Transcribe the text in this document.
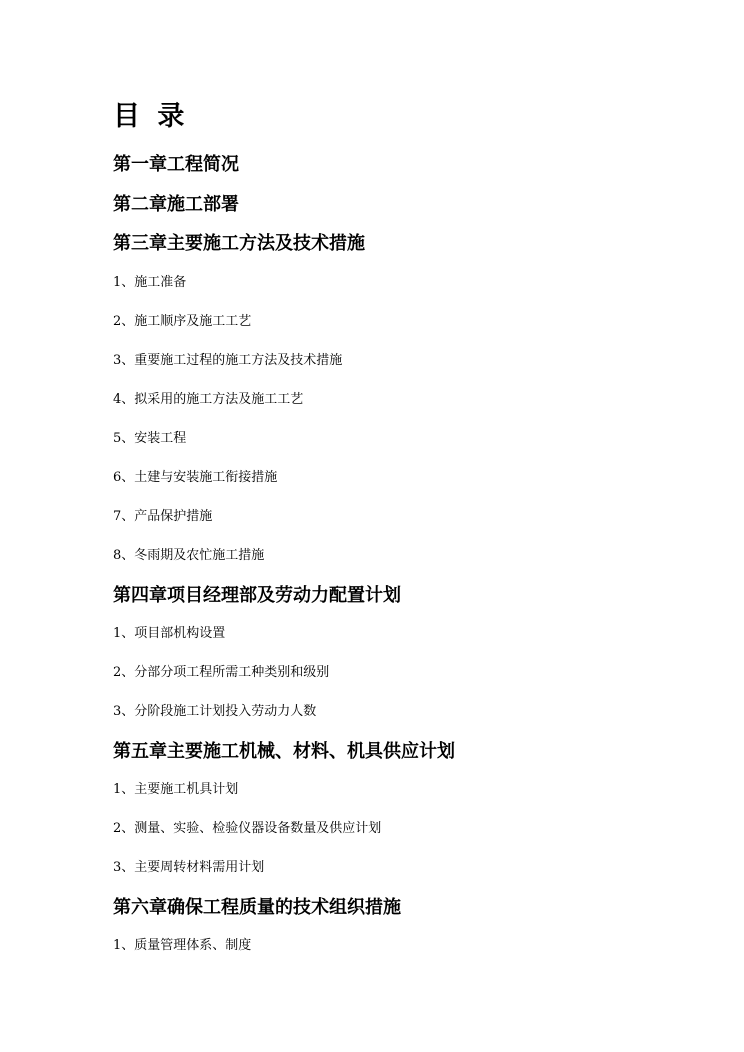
目 录
第一章工程简况
第二章施工部署
第三章主要施工方法及技术措施
1、施工准备
2、施工顺序及施工工艺
3、重要施工过程的施工方法及技术措施
4、拟采用的施工方法及施工工艺
5、安装工程
6、土建与安装施工衔接措施
7、产品保护措施
8、冬雨期及农忙施工措施
第四章项目经理部及劳动力配置计划
1、项目部机构设置
2、分部分项工程所需工种类别和级别
3、分阶段施工计划投入劳动力人数
第五章主要施工机械、材料、机具供应计划
1、主要施工机具计划
2、测量、实验、检验仪器设备数量及供应计划
3、主要周转材料需用计划
第六章确保工程质量的技术组织措施
1、质量管理体系、制度
